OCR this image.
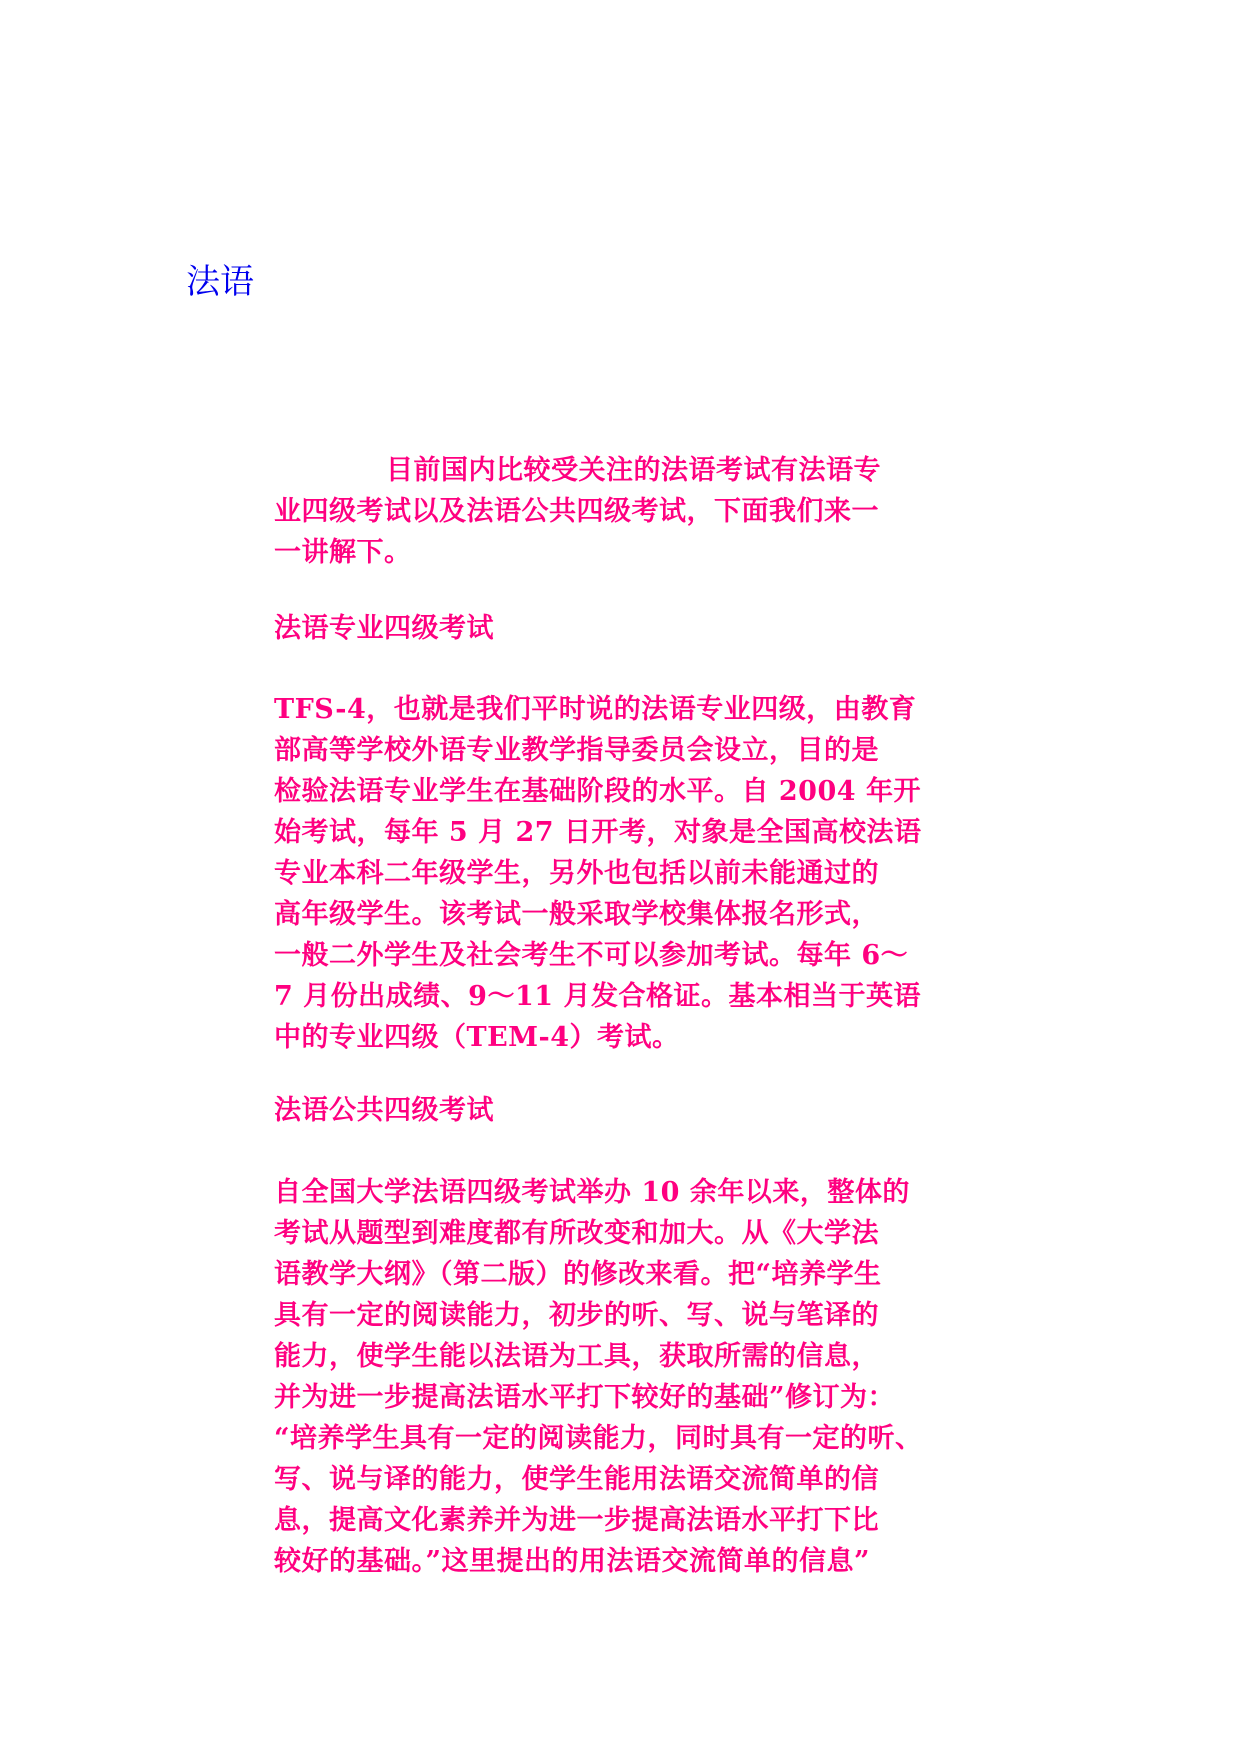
法语

目前国内比较受关注的法语考试有法语专
业四级考试以及法语公共四级考试，下面我们来一
一讲解下。

法语专业四级考试

TFS-4，也就是我们平时说的法语专业四级，由教育
部高等学校外语专业教学指导委员会设立，目的是
检验法语专业学生在基础阶段的水平。自 2004 年开
始考试，每年 5 月 27 日开考，对象是全国高校法语
专业本科二年级学生，另外也包括以前未能通过的
高年级学生。该考试一般采取学校集体报名形式，
一般二外学生及社会考生不可以参加考试。每年 6～
7 月份出成绩、9～11 月发合格证。基本相当于英语
中的专业四级（TEM-4）考试。

法语公共四级考试

自全国大学法语四级考试举办 10 余年以来，整体的
考试从题型到难度都有所改变和加大。从《大学法
语教学大纲》（第二版）的修改来看。把“培养学生
具有一定的阅读能力，初步的听、写、说与笔译的
能力，使学生能以法语为工具，获取所需的信息，
并为进一步提高法语水平打下较好的基础”修订为：
“培养学生具有一定的阅读能力，同时具有一定的听、
写、说与译的能力，使学生能用法语交流简单的信
息，提高文化素养并为进一步提高法语水平打下比
较好的基础。”这里提出的用法语交流简单的信息”
